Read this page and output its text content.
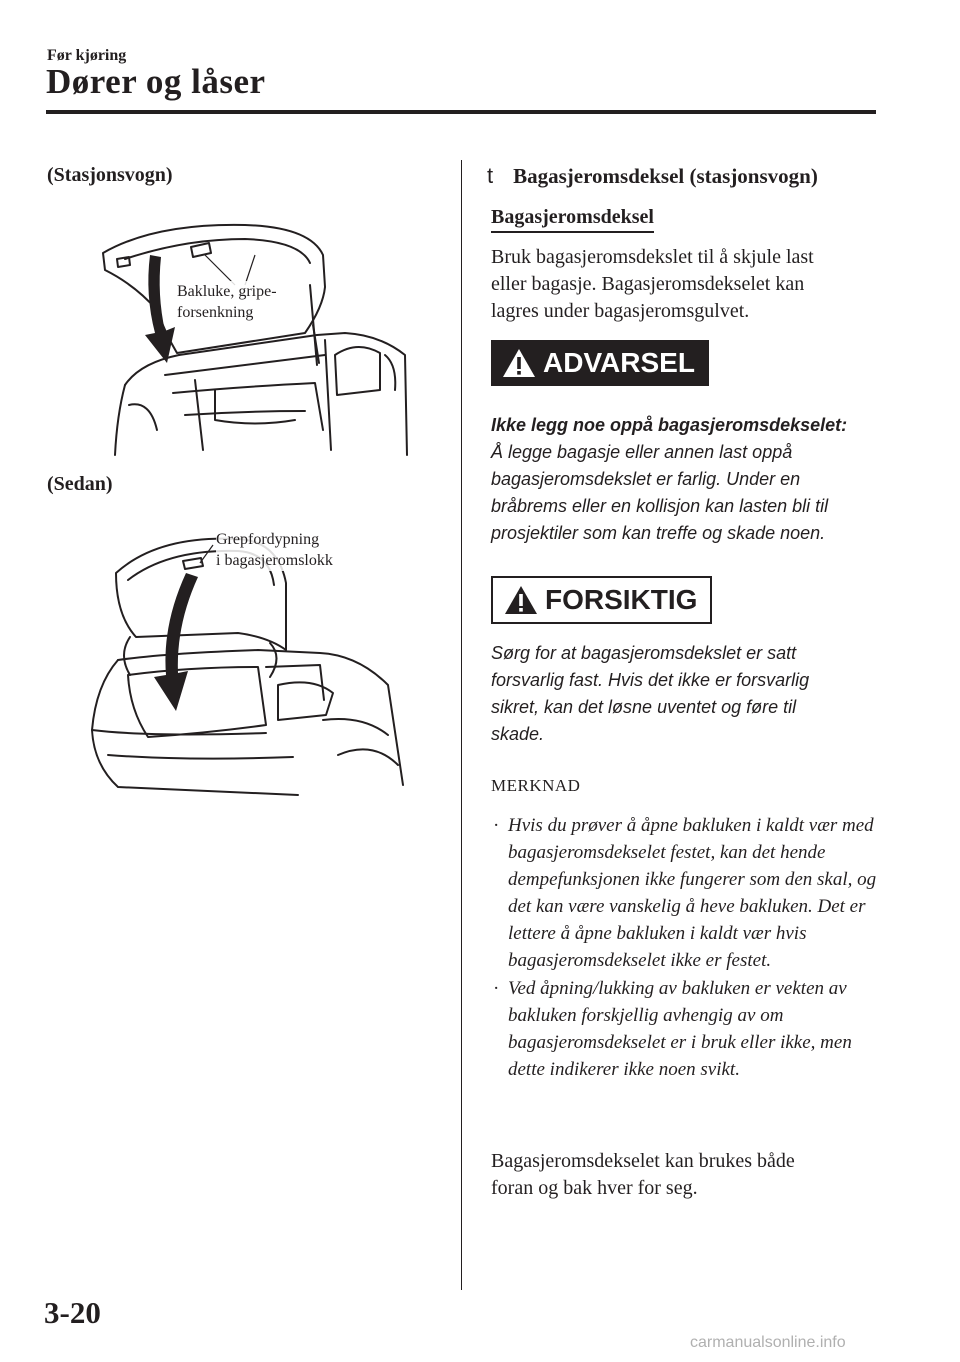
Før kjøring
Dører og låser
(Stasjonsvogn)
Bakluke, gripe-
forsenkning
(Sedan)
Grepfordypning
i bagasjeromslokk
t Bagasjeromsdeksel (stasjonsvogn)
Bagasjeromsdeksel
Bruk bagasjeromsdekslet til å skjule last
eller bagasje. Bagasjeromsdekselet kan
lagres under bagasjeromsgulvet.
ADVARSEL
Ikke legg noe oppå bagasjeromsdekselet:
Å legge bagasje eller annen last oppå
bagasjeromsdekslet er farlig. Under en
bråbrems eller en kollisjon kan lasten bli til
prosjektiler som kan treffe og skade noen.
FORSIKTIG
Sørg for at bagasjeromsdekslet er satt
forsvarlig fast. Hvis det ikke er forsvarlig
sikret, kan det løsne uventet og føre til
skade.
MERKNAD
· Hvis du prøver å åpne bakluken i kaldt vær med bagasjeromsdekselet festet, kan det hende dempefunksjonen ikke fungerer som den skal, og det kan være vanskelig å heve bakluken. Det er lettere å åpne bakluken i kaldt vær hvis bagasjeromsdekselet ikke er festet.
· Ved åpning/lukking av bakluken er vekten av bakluken forskjellig avhengig av om bagasjeromsdekselet er i bruk eller ikke, men dette indikerer ikke noen svikt.
Bagasjeromsdekselet kan brukes både
foran og bak hver for seg.
3-20
carmanualsonline.info
